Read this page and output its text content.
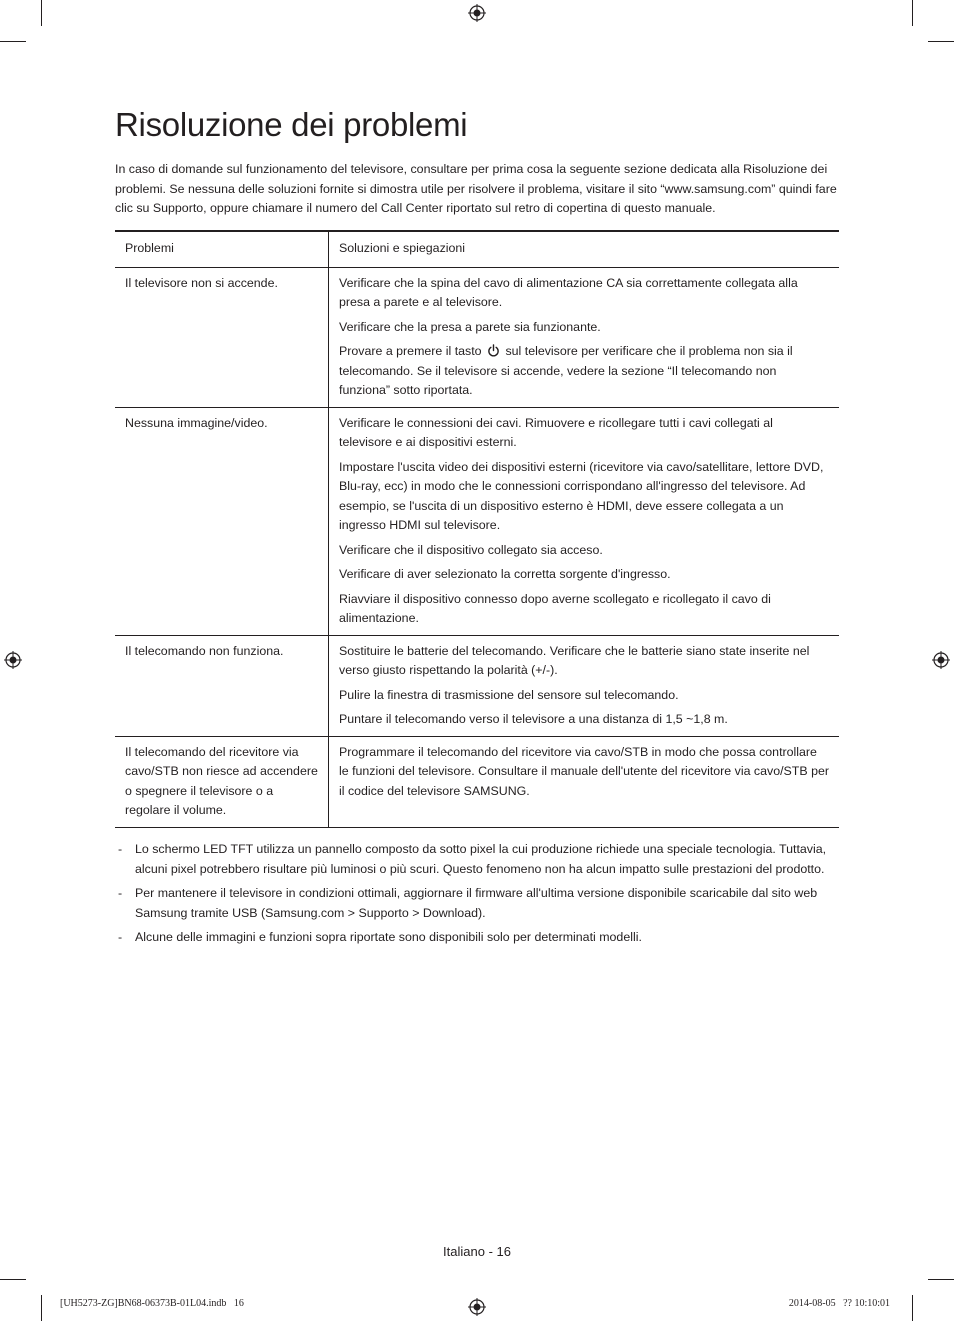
Risoluzione dei problemi

In caso di domande sul funzionamento del televisore, consultare per prima cosa la seguente sezione dedicata alla Risoluzione dei problemi. Se nessuna delle soluzioni fornite si dimostra utile per risolvere il problema, visitare il sito “www.samsung.com” quindi fare clic su Supporto, oppure chiamare il numero del Call Center riportato sul retro di copertina di questo manuale.

Problemi	Soluzioni e spiegazioni
Il televisore non si accende.	Verificare che la spina del cavo di alimentazione CA sia correttamente collegata alla presa a parete e al televisore.

Verificare che la presa a parete sia funzionante.

Provare a premere il tasto sul televisore per verificare che il problema non sia il telecomando. Se il televisore si accende, vedere la sezione “Il telecomando non funziona” sotto riportata.

Nessuna immagine/video.	Verificare le connessioni dei cavi. Rimuovere e ricollegare tutti i cavi collegati al televisore e ai dispositivi esterni.

Impostare l'uscita video dei dispositivi esterni (ricevitore via cavo/satellitare, lettore DVD, Blu-ray, ecc) in modo che le connessioni corrispondano all'ingresso del televisore. Ad esempio, se l'uscita di un dispositivo esterno è HDMI, deve essere collegata a un ingresso HDMI sul televisore.

Verificare che il dispositivo collegato sia acceso.

Verificare di aver selezionato la corretta sorgente d'ingresso.

Riavviare il dispositivo connesso dopo averne scollegato e ricollegato il cavo di alimentazione.

Il telecomando non funziona.	Sostituire le batterie del telecomando. Verificare che le batterie siano state inserite nel verso giusto rispettando la polarità (+/-).

Pulire la finestra di trasmissione del sensore sul telecomando.

Puntare il telecomando verso il televisore a una distanza di 1,5 ~1,8 m.

Il telecomando del ricevitore via cavo/STB non riesce ad accendere o spegnere il televisore o a regolare il volume.	Programmare il telecomando del ricevitore via cavo/STB in modo che possa controllare le funzioni del televisore. Consultare il manuale dell'utente del ricevitore via cavo/STB per il codice del televisore SAMSUNG.

- Lo schermo LED TFT utilizza un pannello composto da sotto pixel la cui produzione richiede una speciale tecnologia. Tuttavia, alcuni pixel potrebbero risultare più luminosi o più scuri. Questo fenomeno non ha alcun impatto sulle prestazioni del prodotto.
- Per mantenere il televisore in condizioni ottimali, aggiornare il firmware all'ultima versione disponibile scaricabile dal sito web Samsung tramite USB (Samsung.com > Supporto > Download).
- Alcune delle immagini e funzioni sopra riportate sono disponibili solo per determinati modelli.
Italiano - 16
[UH5273-ZG]BN68-06373B-01L04.indb   16	2014-08-05   ?? 10:10:01
